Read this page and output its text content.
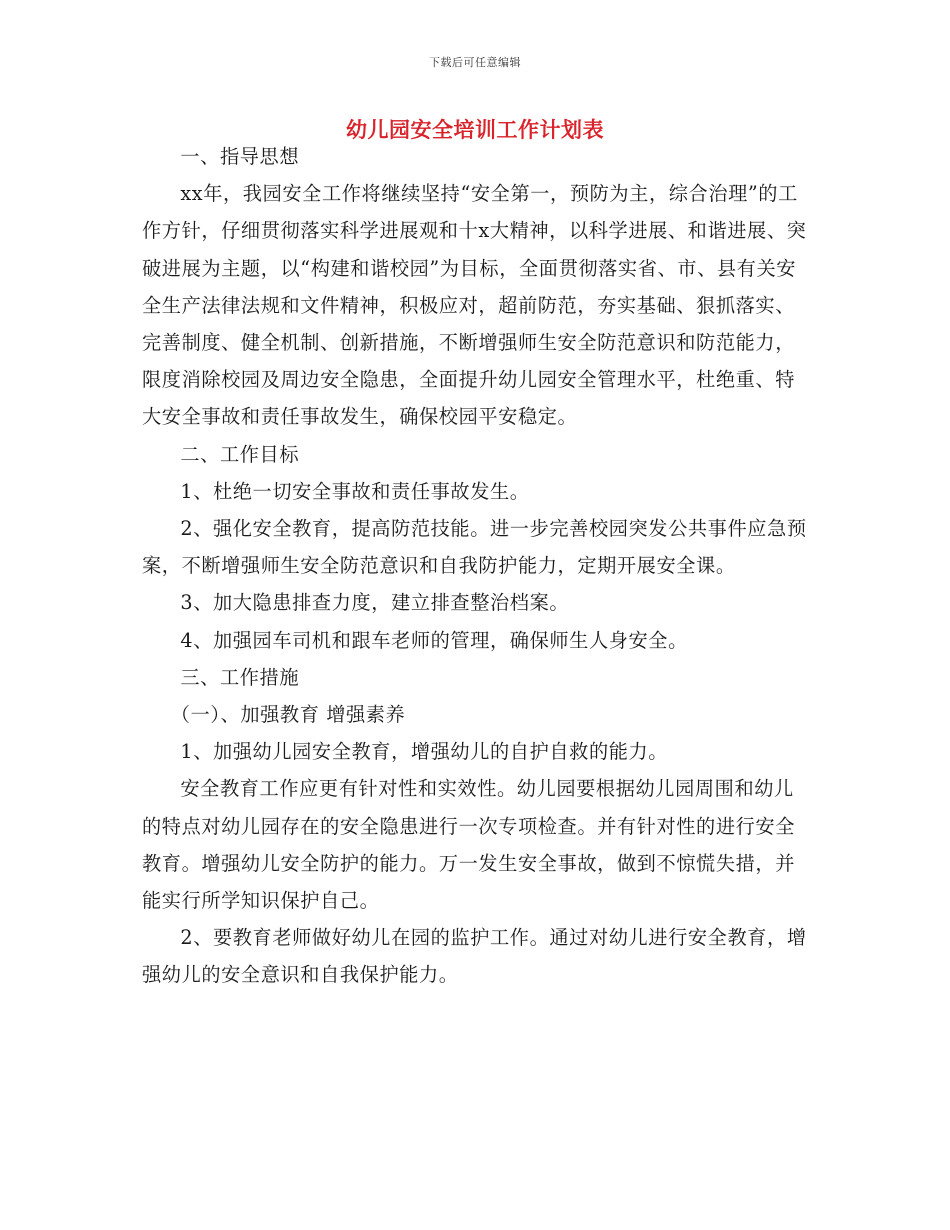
下载后可任意编辑
幼儿园安全培训工作计划表

一、指导思想

xx年，我园安全工作将继续坚持“安全第一，预防为主，综合治理”的工作方针，仔细贯彻落实科学进展观和十x大精神，以科学进展、和谐进展、突破进展为主题，以“构建和谐校园”为目标，全面贯彻落实省、市、县有关安全生产法律法规和文件精神，积极应对，超前防范，夯实基础、狠抓落实、完善制度、健全机制、创新措施，不断增强师生安全防范意识和防范能力，限度消除校园及周边安全隐患，全面提升幼儿园安全管理水平，杜绝重、特大安全事故和责任事故发生，确保校园平安稳定。

二、工作目标

1、杜绝一切安全事故和责任事故发生。

2、强化安全教育，提高防范技能。进一步完善校园突发公共事件应急预案，不断增强师生安全防范意识和自我防护能力，定期开展安全课。

3、加大隐患排查力度，建立排查整治档案。

4、加强园车司机和跟车老师的管理，确保师生人身安全。

三、工作措施

（一）、加强教育 增强素养

1、加强幼儿园安全教育，增强幼儿的自护自救的能力。

安全教育工作应更有针对性和实效性。幼儿园要根据幼儿园周围和幼儿的特点对幼儿园存在的安全隐患进行一次专项检查。并有针对性的进行安全教育。增强幼儿安全防护的能力。万一发生安全事故，做到不惊慌失措，并能实行所学知识保护自己。

2、要教育老师做好幼儿在园的监护工作。通过对幼儿进行安全教育，增强幼儿的安全意识和自我保护能力。
